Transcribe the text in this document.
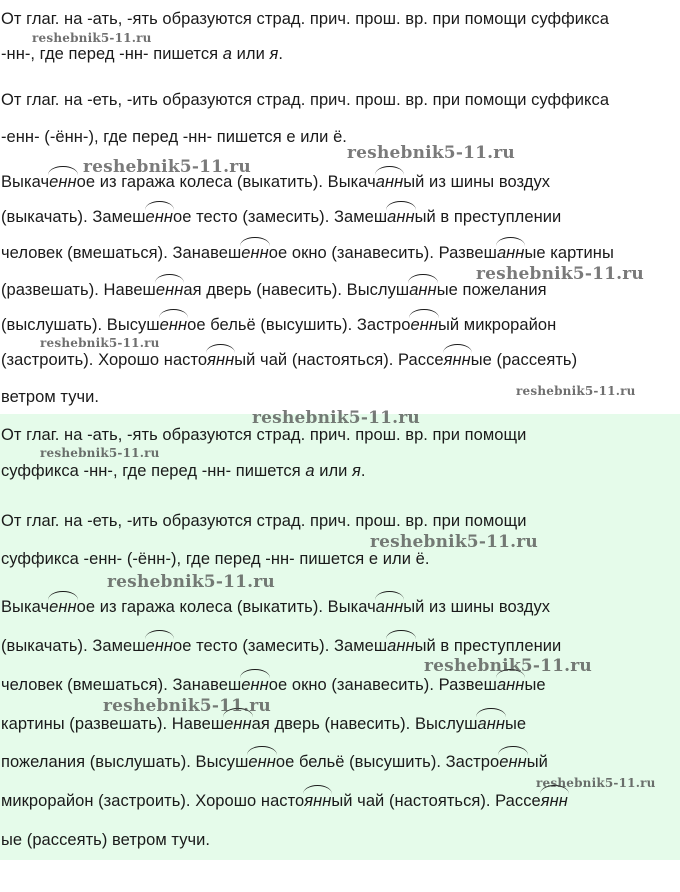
От глаг. на -ать, -ять образуются страд. прич. прош. вр. при помощи суффикса
-нн-, где перед -нн- пишется а или я.
От глаг. на -еть, -ить образуются страд. прич. прош. вр. при помощи суффикса
-енн- (-ённ-), где перед -нн- пишется е или ё.
Выкаченное из гаража колеса (выкатить). Выкачанный из шины воздух
(выкачать). Замешенное тесто (замесить). Замешанный в преступлении
человек (вмешаться). Занавешенное окно (занавесить). Развешанные картины
(развешать). Навешенная дверь (навесить). Выслушанные пожелания
(выслушать). Высушенное бельё (высушить). Застроенный микрорайон
(застроить). Хорошо настоянный чай (настояться). Рассеянные (рассеять)
ветром тучи.
reshebnik5-11.ru
reshebnik5-11.ru
reshebnik5-11.ru
reshebnik5-11.ru
reshebnik5-11.ru
reshebnik5-11.ru
От глаг. на -ать, -ять образуются страд. прич. прош. вр. при помощи
суффикса -нн-, где перед -нн- пишется а или я.
От глаг. на -еть, -ить образуются страд. прич. прош. вр. при помощи
суффикса -енн- (-ённ-), где перед -нн- пишется е или ё.
Выкаченное из гаража колеса (выкатить). Выкачанный из шины воздух
(выкачать). Замешенное тесто (замесить). Замешанный в преступлении
человек (вмешаться). Занавешенное окно (занавесить). Развешанные
картины (развешать). Навешенная дверь (навесить). Выслушанные
пожелания (выслушать). Высушенное бельё (высушить). Застроенный
микрорайон (застроить). Хорошо настоянный чай (настояться). Рассеянн
ые (рассеять) ветром тучи.
reshebnik5-11.ru
reshebnik5-11.ru
reshebnik5-11.ru
reshebnik5-11.ru
reshebnik5-11.ru
reshebnik5-11.ru
reshebnik5-11.ru
